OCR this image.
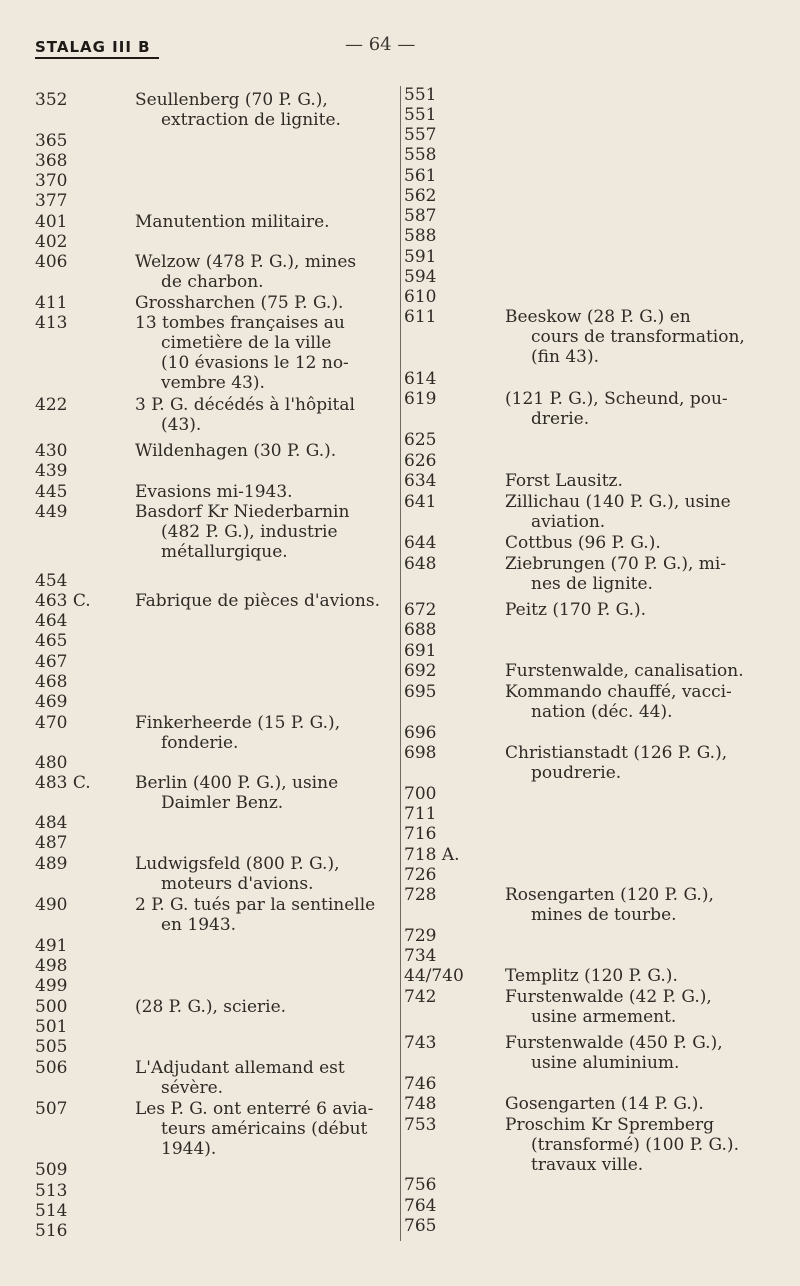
STALAG III B	— 64 —
352	Seullenberg (70 P. G.),
extraction de lignite.
365
368
370
377
401	Manutention militaire.
402
406	Welzow (478 P. G.), mines
de charbon.
411	Grossharchen (75 P. G.).
413	13 tombes françaises au
cimetière de la ville
(10 évasions le 12 no-
vembre 43).
422	3 P. G. décédés à l'hôpital
(43).
430	Wildenhagen (30 P. G.).
439
445	Evasions mi-1943.
449	Basdorf Kr Niederbarnin
(482 P. G.), industrie
métallurgique.
454
463 C.	Fabrique de pièces d'avions.
464
465
467
468
469
470	Finkerheerde (15 P. G.),
fonderie.
480
483 C.	Berlin (400 P. G.), usine
Daimler Benz.
484
487
489	Ludwigsfeld (800 P. G.),
moteurs d'avions.
490	2 P. G. tués par la sentinelle
en 1943.
491
498
499
500	(28 P. G.), scierie.
501
505
506	L'Adjudant allemand est
sévère.
507	Les P. G. ont enterré 6 avia-
teurs américains (début
1944).
509
513
514
516
551
551
557
558
561
562
587
588
591
594
610
611	Beeskow (28 P. G.) en
cours de transformation,
(fin 43).
614
619	(121 P. G.), Scheund, pou-
drerie.
625
626
634	Forst Lausitz.
641	Zillichau (140 P. G.), usine
aviation.
644	Cottbus (96 P. G.).
648	Ziebrungen (70 P. G.), mi-
nes de lignite.
672	Peitz (170 P. G.).
688
691
692	Furstenwalde, canalisation.
695	Kommando chauffé, vacci-
nation (déc. 44).
696
698	Christianstadt (126 P. G.),
poudrerie.
700
711
716
718 A.
726
728	Rosengarten (120 P. G.),
mines de tourbe.
729
734
44/740 Templitz (120 P. G.).
742	Furstenwalde (42 P. G.),
usine armement.
743	Furstenwalde (450 P. G.),
usine aluminium.
746
748	Gosengarten (14 P. G.).
753	Proschim Kr Spremberg
(transformé) (100 P. G.).
travaux ville.
756
764
765
